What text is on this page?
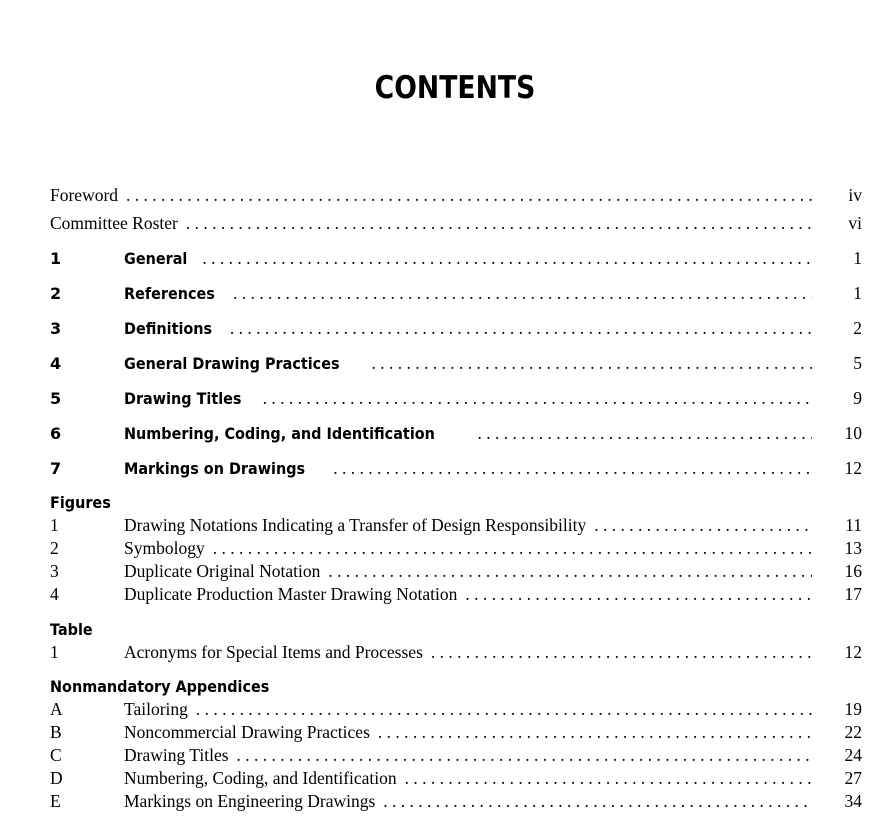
CONTENTS
Foreword . . .	iv
Committee Roster . . .	vi
1	General . . .	1
2	References . . .	1
3	Definitions . . .	2
4	General Drawing Practices . . .	5
5	Drawing Titles . . .	9
6	Numbering, Coding, and Identification . . .	10
7	Markings on Drawings . . .	12
Figures
1	Drawing Notations Indicating a Transfer of Design Responsibility . . .	11
2	Symbology . . .	13
3	Duplicate Original Notation . . .	16
4	Duplicate Production Master Drawing Notation . . .	17
Table
1	Acronyms for Special Items and Processes . . .	12
Nonmandatory Appendices
A	Tailoring . . .	19
B	Noncommercial Drawing Practices . . .	22
C	Drawing Titles . . .	24
D	Numbering, Coding, and Identification . . .	27
E	Markings on Engineering Drawings . . .	34
